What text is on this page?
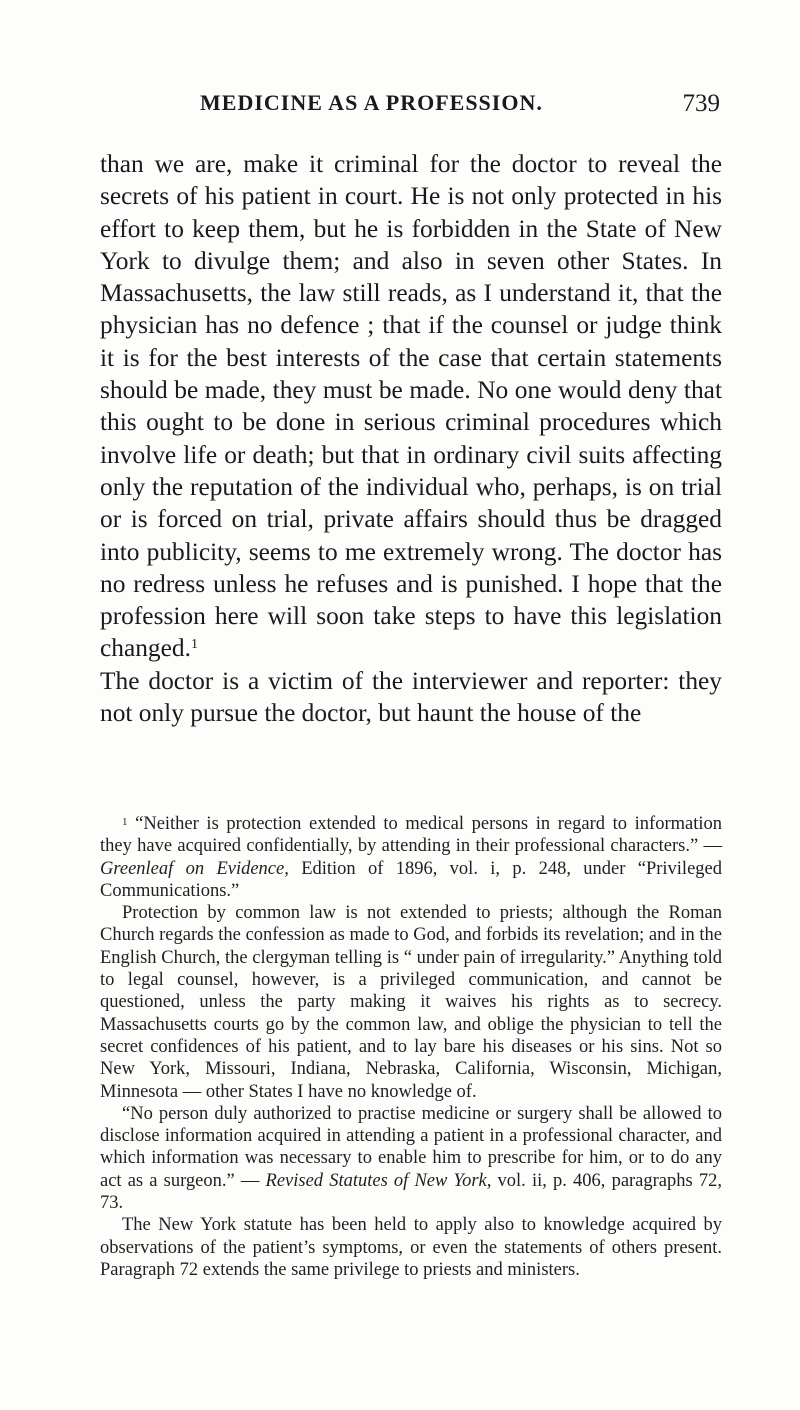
MEDICINE AS A PROFESSION.	739

than we are, make it criminal for the doctor to reveal the secrets of his patient in court. He is not only protected in his effort to keep them, but he is forbidden in the State of New York to divulge them; and also in seven other States. In Massachusetts, the law still reads, as I understand it, that the physician has no defence ; that if the counsel or judge think it is for the best interests of the case that certain statements should be made, they must be made. No one would deny that this ought to be done in serious criminal procedures which involve life or death; but that in ordinary civil suits affecting only the reputation of the individual who, perhaps, is on trial or is forced on trial, private affairs should thus be dragged into publicity, seems to me extremely wrong. The doctor has no redress unless he refuses and is punished. I hope that the profession here will soon take steps to have this legislation changed.$^1$

The doctor is a victim of the interviewer and reporter: they not only pursue the doctor, but haunt the house of the

$^1$ “Neither is protection extended to medical persons in regard to information they have acquired confidentially, by attending in their professional characters.” — Greenleaf on Evidence, Edition of 1896, vol. i, p. 248, under “Privileged Communications.”

Protection by common law is not extended to priests; although the Roman Church regards the confession as made to God, and forbids its revelation; and in the English Church, the clergyman telling is “ under pain of irregularity.” Anything told to legal counsel, however, is a privileged communication, and cannot be questioned, unless the party making it waives his rights as to secrecy. Massachusetts courts go by the common law, and oblige the physician to tell the secret confidences of his patient, and to lay bare his diseases or his sins. Not so New York, Missouri, Indiana, Nebraska, California, Wisconsin, Michigan, Minnesota — other States I have no knowledge of.

“No person duly authorized to practise medicine or surgery shall be allowed to disclose information acquired in attending a patient in a professional character, and which information was necessary to enable him to prescribe for him, or to do any act as a surgeon.” — Revised Statutes of New York, vol. ii, p. 406, paragraphs 72, 73.

The New York statute has been held to apply also to knowledge acquired by observations of the patient’s symptoms, or even the statements of others present. Paragraph 72 extends the same privilege to priests and ministers.
